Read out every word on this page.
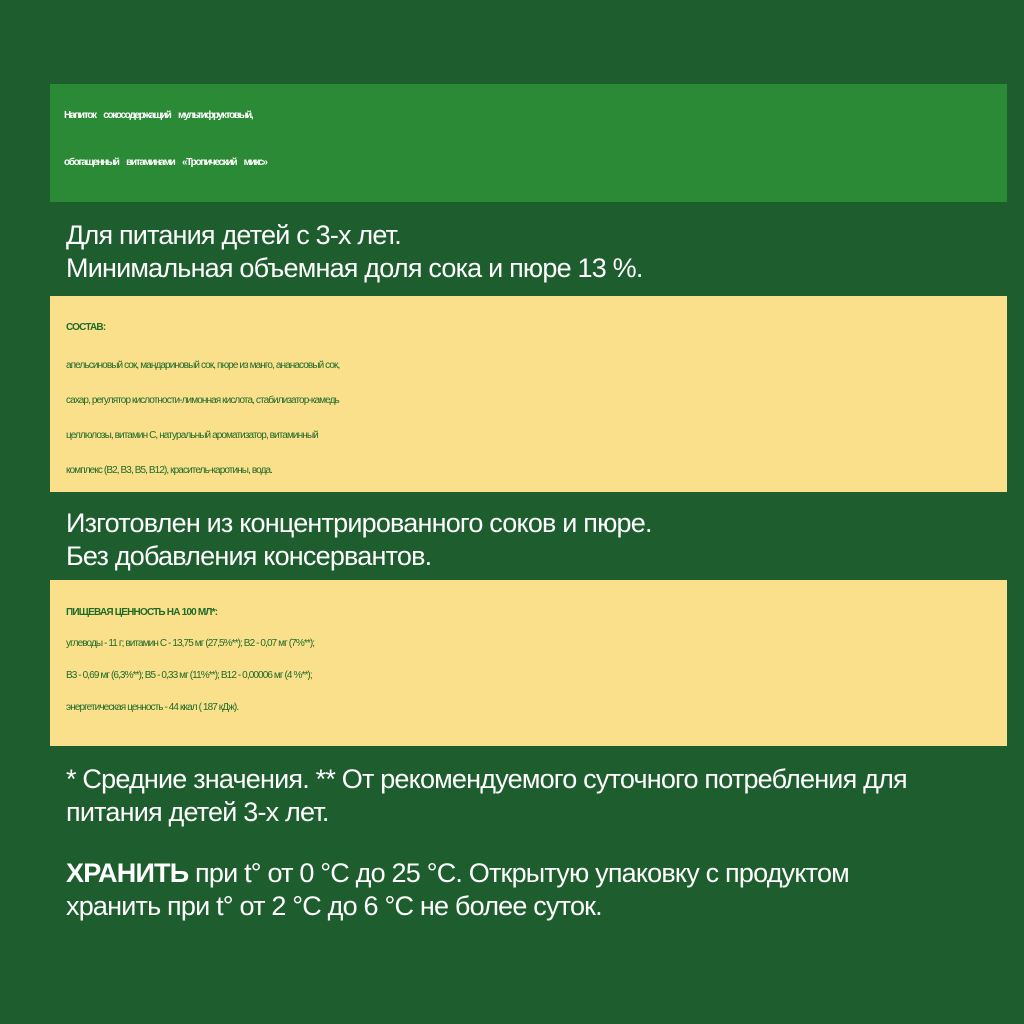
Напиток сокосодержащий мультифруктовый,
обогащенный витаминами «Тропический микс»
Для питания детей с 3-х лет.
Минимальная объемная доля сока и пюре 13 %.
СОСТАВ:
апельсиновый сок, мандариновый сок, пюре из манго, ананасовый сок,
сахар, регулятор кислотности-лимонная кислота, стабилизатор-камедь
целлюлозы, витамин С, натуральный ароматизатор, витаминный
комплекс (В2, В3, В5, В12), краситель-каротины, вода.
Изготовлен из концентрированного соков и пюре.
Без добавления консервантов.
ПИЩЕВАЯ ЦЕННОСТЬ НА 100 МЛ*:
углеводы - 11 г; витамин С - 13,75 мг (27,5%**); В2 - 0,07 мг (7%**);
В3 - 0,69 мг (6,3%**); В5 - 0,33 мг (11%**); В12 - 0,00006 мг (4 %**);
энергетическая ценность - 44 ккал ( 187 кДж).
* Средние значения. ** От рекомендуемого суточного потребления для
питания детей 3-х лет.
ХРАНИТЬ при t° от 0 °С до 25 °С. Открытую упаковку с продуктом
хранить при t° от 2 °С до 6 °С не более суток.
